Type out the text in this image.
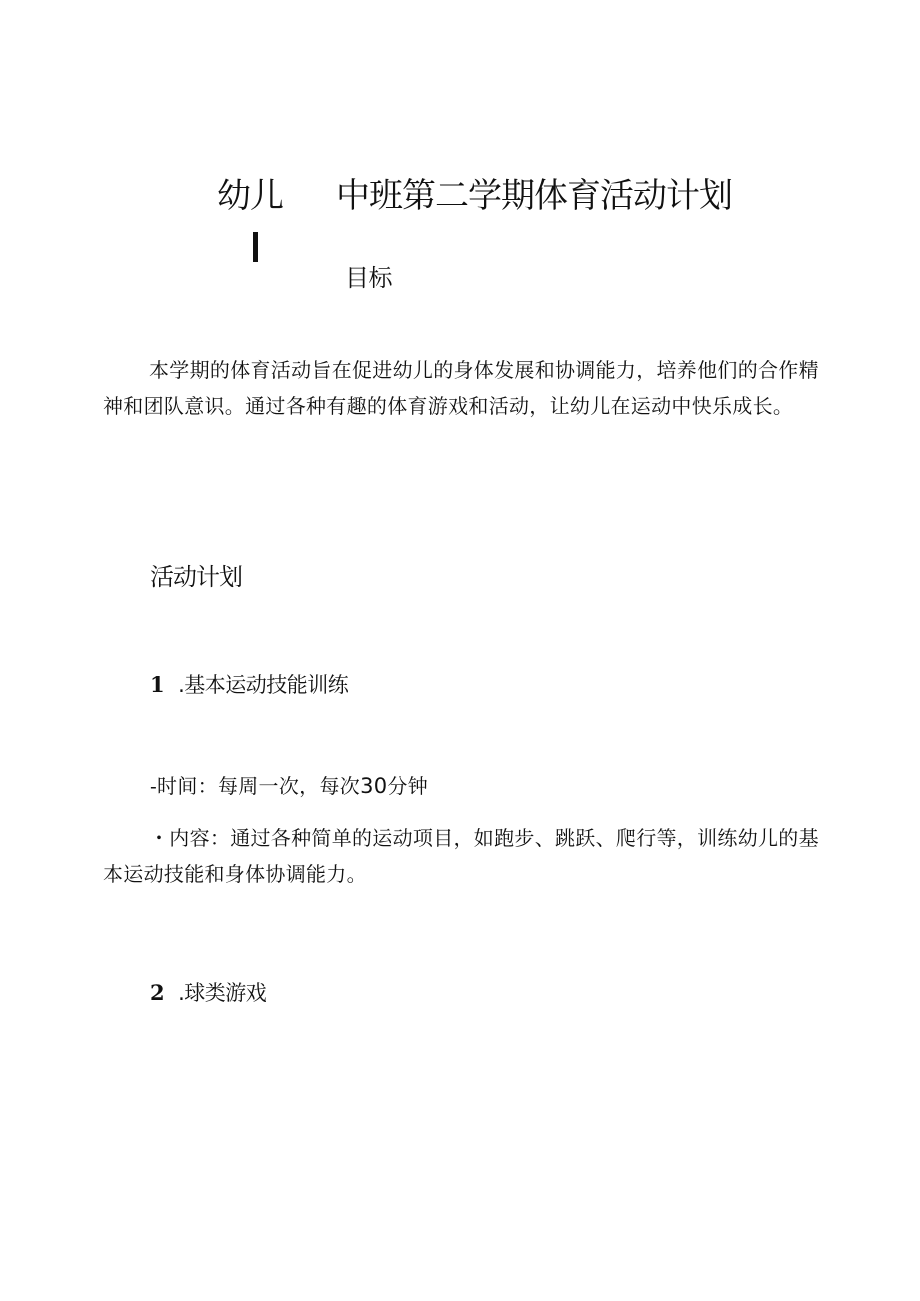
幼儿 中班第二学期体育活动计划
目标
本学期的体育活动旨在促进幼儿的身体发展和协调能力，培养他们的合作精神和团队意识。通过各种有趣的体育游戏和活动，让幼儿在运动中快乐成长。
活动计划
1 .基本运动技能训练
-时间：每周一次，每次30分钟
・内容：通过各种简单的运动项目，如跑步、跳跃、爬行等，训练幼儿的基本运动技能和身体协调能力。
2 .球类游戏
